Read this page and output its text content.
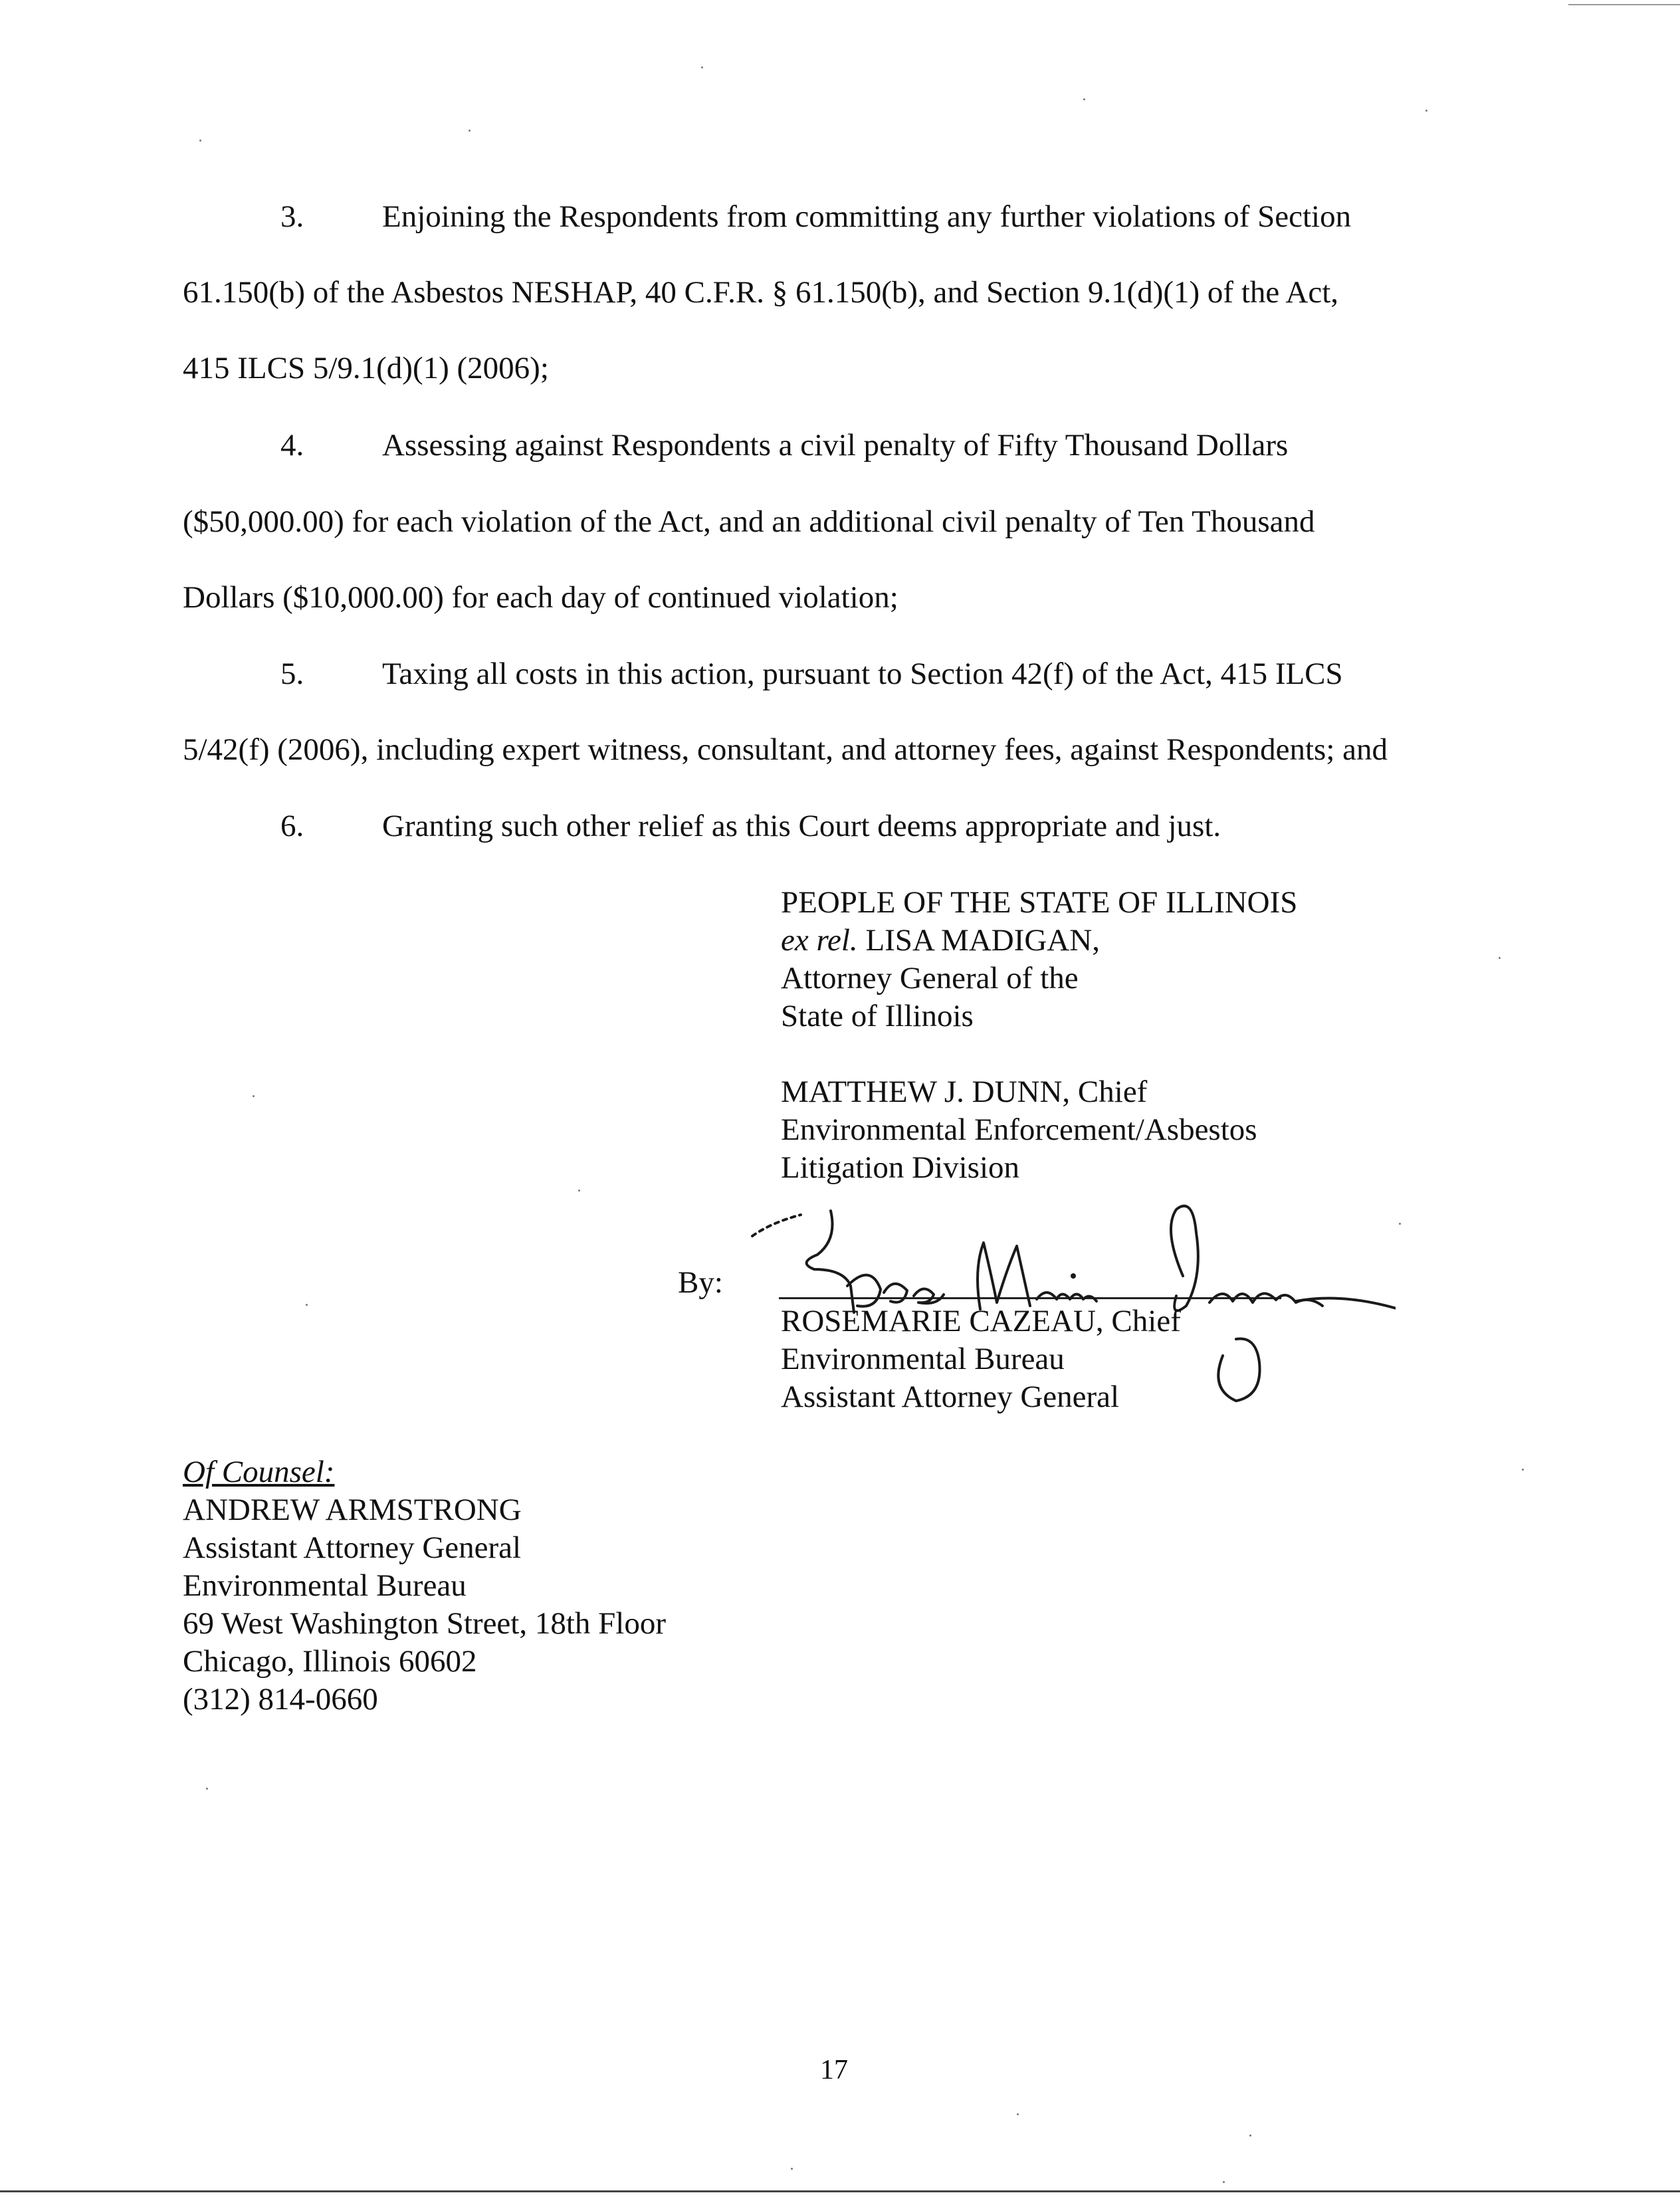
3.	Enjoining the Respondents from committing any further violations of Section
61.150(b) of the Asbestos NESHAP, 40 C.F.R. § 61.150(b), and Section 9.1(d)(1) of the Act,
415 ILCS 5/9.1(d)(1) (2006);
4.	Assessing against Respondents a civil penalty of Fifty Thousand Dollars
($50,000.00) for each violation of the Act, and an additional civil penalty of Ten Thousand
Dollars ($10,000.00) for each day of continued violation;
5.	Taxing all costs in this action, pursuant to Section 42(f) of the Act, 415 ILCS
5/42(f) (2006), including expert witness, consultant, and attorney fees, against Respondents; and
6.	Granting such other relief as this Court deems appropriate and just.
PEOPLE OF THE STATE OF ILLINOIS
ex rel. LISA MADIGAN,
Attorney General of the
State of Illinois
MATTHEW J. DUNN, Chief
Environmental Enforcement/Asbestos
Litigation Division
By:
ROSEMARIE CAZEAU, Chief
Environmental Bureau
Assistant Attorney General
Of Counsel:
ANDREW ARMSTRONG
Assistant Attorney General
Environmental Bureau
69 West Washington Street, 18th Floor
Chicago, Illinois 60602
(312) 814-0660
17
